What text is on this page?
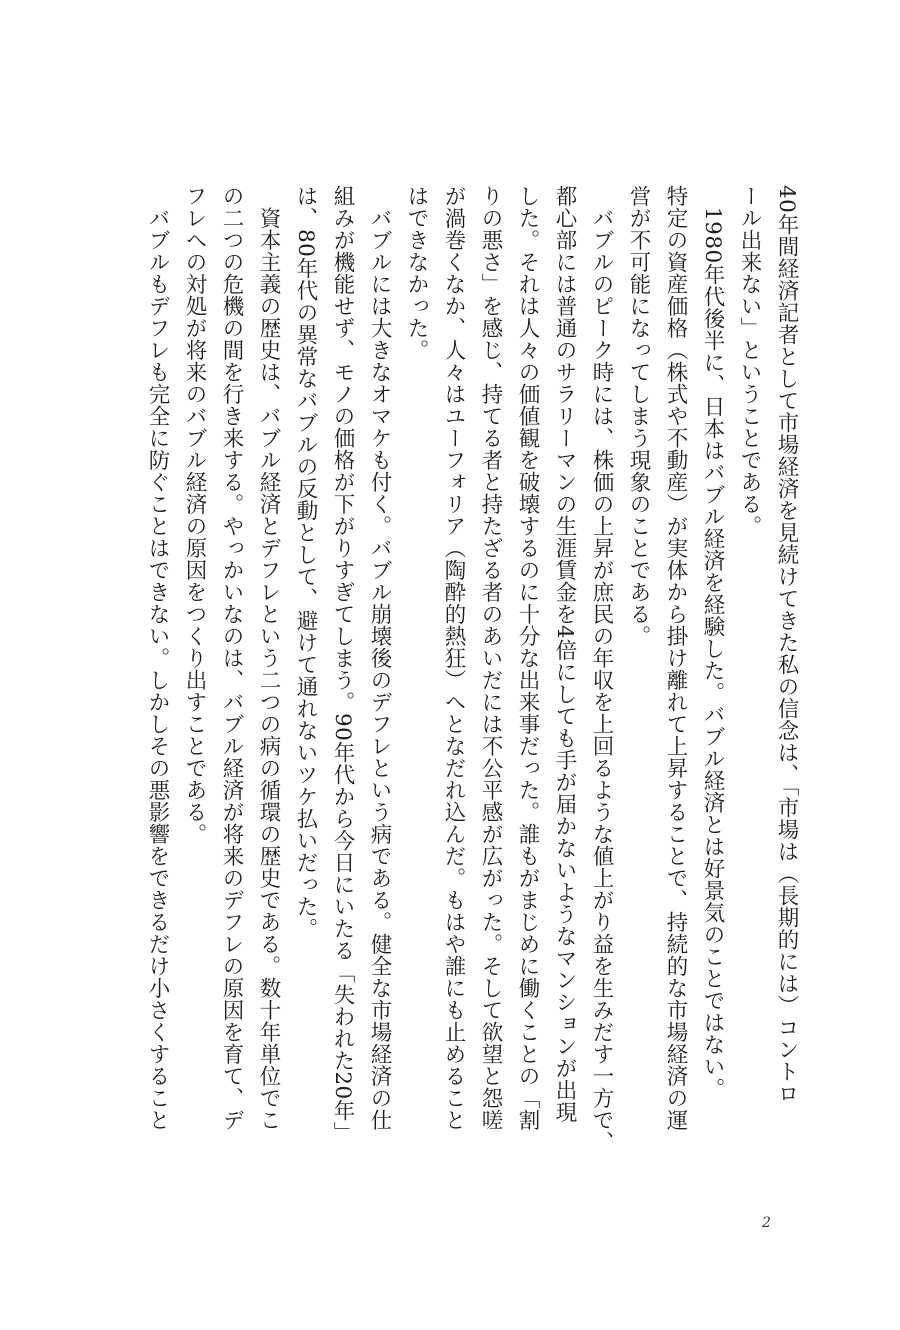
40年間経済記者として市場経済を見続けてきた私の信念は、「市場は（長期的には）コントロ
ール出来ない」ということである。
　1980年代後半に、日本はバブル経済を経験した。バブル経済とは好景気のことではない。
特定の資産価格（株式や不動産）が実体から掛け離れて上昇することで、持続的な市場経済の運
営が不可能になってしまう現象のことである。
　バブルのピーク時には、株価の上昇が庶民の年収を上回るような値上がり益を生みだす一方で、
都心部には普通のサラリーマンの生涯賃金を4倍にしても手が届かないようなマンションが出現
した。それは人々の価値観を破壊するのに十分な出来事だった。誰もがまじめに働くことの「割
りの悪さ」を感じ、持てる者と持たざる者のあいだには不公平感が広がった。そして欲望と怨嗟
が渦巻くなか、人々はユーフォリア（陶酔的熱狂）へとなだれ込んだ。もはや誰にも止めること
はできなかった。
　バブルには大きなオマケも付く。バブル崩壊後のデフレという病である。健全な市場経済の仕
組みが機能せず、モノの価格が下がりすぎてしまう。90年代から今日にいたる「失われた20年」
は、80年代の異常なバブルの反動として、避けて通れないツケ払いだった。
　資本主義の歴史は、バブル経済とデフレという二つの病の循環の歴史である。数十年単位でこ
の二つの危機の間を行き来する。やっかいなのは、バブル経済が将来のデフレの原因を育て、デ
フレへの対処が将来のバブル経済の原因をつくり出すことである。
　バブルもデフレも完全に防ぐことはできない。しかしその悪影響をできるだけ小さくすること
2
